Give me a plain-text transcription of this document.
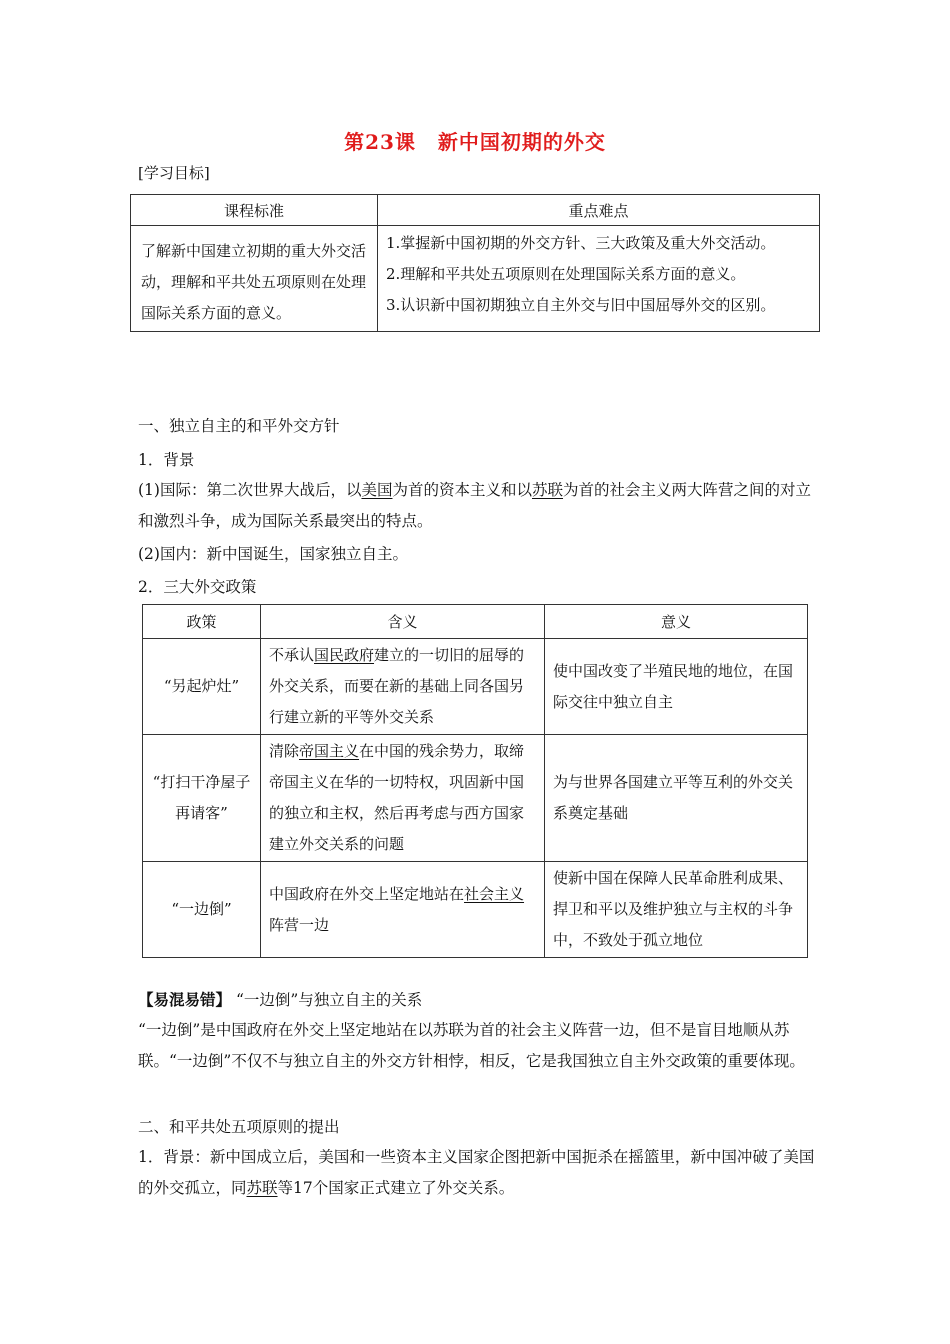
第23课 新中国初期的外交
[学习目标]
课程标准	重点难点
了解新中国建立初期的重大外交活动，理解和平共处五项原则在处理国际关系方面的意义。	1.掌握新中国初期的外交方针、三大政策及重大外交活动。
2.理解和平共处五项原则在处理国际关系方面的意义。
3.认识新中国初期独立自主外交与旧中国屈辱外交的区别。
一、独立自主的和平外交方针
1．背景
(1)国际：第二次世界大战后，以美国为首的资本主义和以苏联为首的社会主义两大阵营之间的对立和激烈斗争，成为国际关系最突出的特点。
(2)国内：新中国诞生，国家独立自主。
2．三大外交政策
政策	含义	意义
“另起炉灶”	不承认国民政府建立的一切旧的屈辱的外交关系，而要在新的基础上同各国另行建立新的平等外交关系	使中国改变了半殖民地的地位，在国际交往中独立自主
“打扫干净屋子再请客”	清除帝国主义在中国的残余势力，取缔帝国主义在华的一切特权，巩固新中国的独立和主权，然后再考虑与西方国家建立外交关系的问题	为与世界各国建立平等互利的外交关系奠定基础
“一边倒”	中国政府在外交上坚定地站在社会主义阵营一边	使新中国在保障人民革命胜利成果、捍卫和平以及维护独立与主权的斗争中，不致处于孤立地位
【易混易错】 “一边倒”与独立自主的关系
“一边倒”是中国政府在外交上坚定地站在以苏联为首的社会主义阵营一边，但不是盲目地顺从苏联。“一边倒”不仅不与独立自主的外交方针相悖，相反，它是我国独立自主外交政策的重要体现。
二、和平共处五项原则的提出
1．背景：新中国成立后，美国和一些资本主义国家企图把新中国扼杀在摇篮里，新中国冲破了美国的外交孤立，同苏联等17个国家正式建立了外交关系。
